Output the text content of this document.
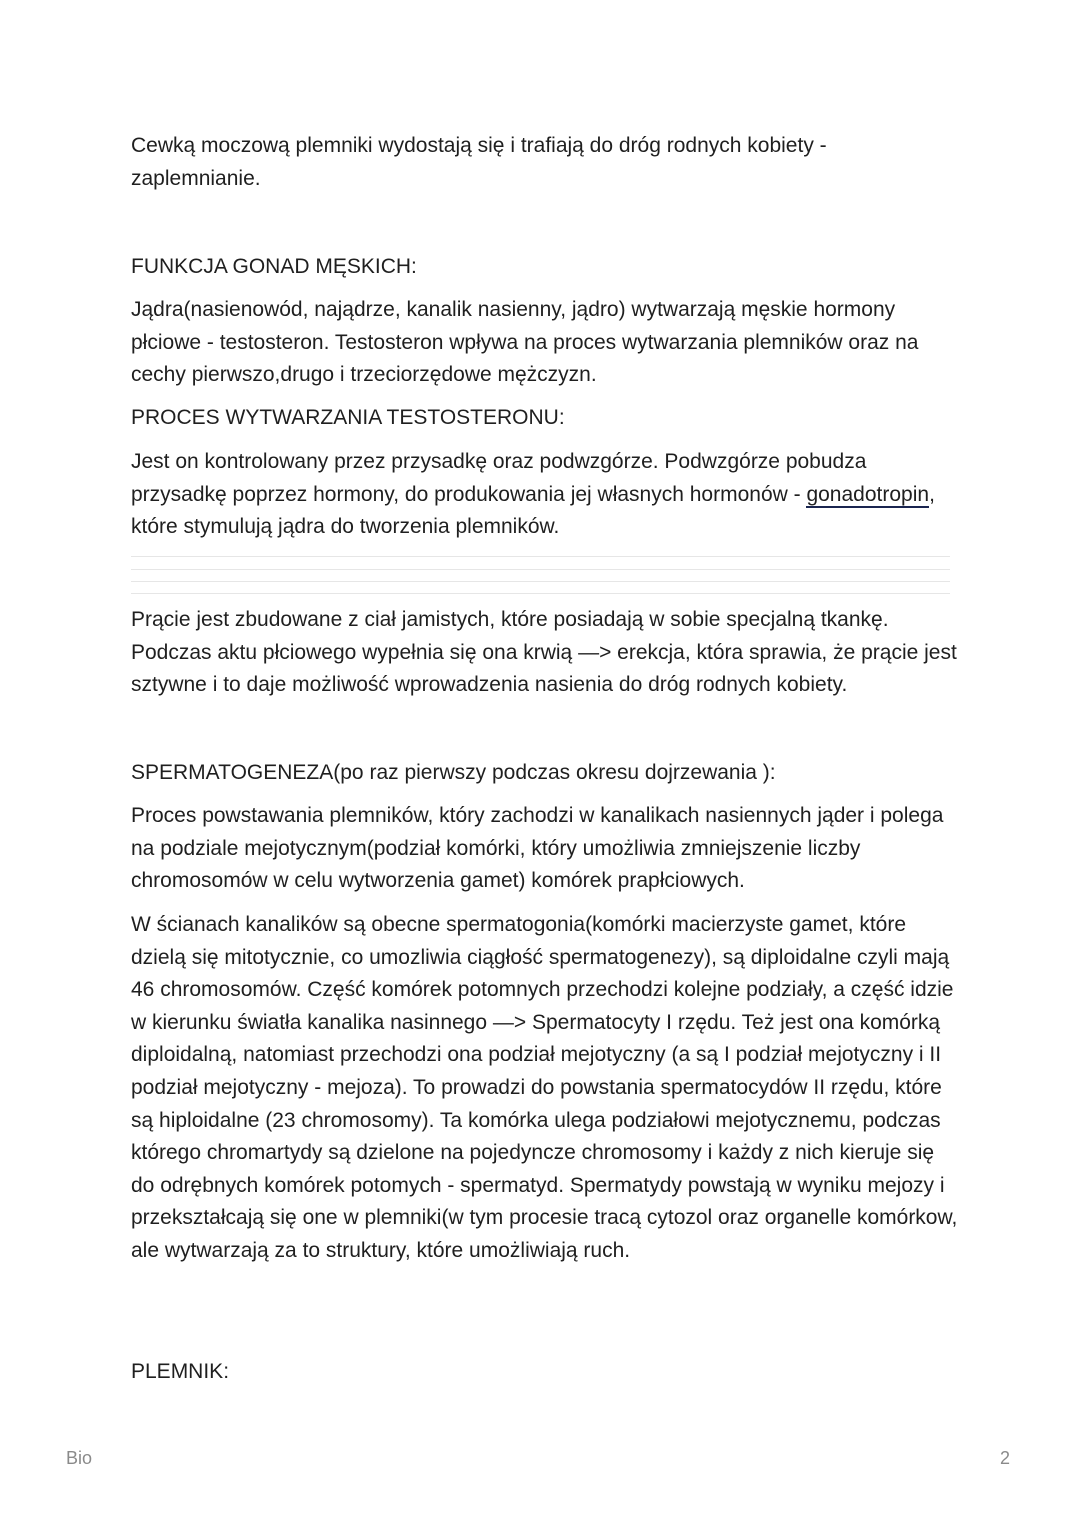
Cewką moczową plemniki wydostają się i trafiają do dróg rodnych kobiety - zaplemnianie.

FUNKCJA GONAD MĘSKICH:

Jądra(nasienowód, najądrze, kanalik nasienny, jądro) wytwarzają męskie hormony płciowe - testosteron. Testosteron wpływa na proces wytwarzania plemników oraz na cechy pierwszo,drugo i trzeciorzędowe mężczyzn.

PROCES WYTWARZANIA TESTOSTERONU:

Jest on kontrolowany przez przysadkę oraz podwzgórze. Podwzgórze pobudza przysadkę poprzez hormony, do produkowania jej własnych hormonów - gonadotropin, które stymulują jądra do tworzenia plemników.

Prącie jest zbudowane z ciał jamistych, które posiadają w sobie specjalną tkankę. Podczas aktu płciowego wypełnia się ona krwią —> erekcja, która sprawia, że prącie jest sztywne i to daje możliwość wprowadzenia nasienia do dróg rodnych kobiety.

SPERMATOGENEZA(po raz pierwszy podczas okresu dojrzewania ):

Proces powstawania plemników, który zachodzi w kanalikach nasiennych jąder i polega na podziale mejotycznym(podział komórki, który umożliwia zmniejszenie liczby chromosomów w celu wytworzenia gamet) komórek prapłciowych.

W ścianach kanalików są obecne spermatogonia(komórki macierzyste gamet, które dzielą się mitotycznie, co umozliwia ciągłość spermatogenezy), są diploidalne czyli mają 46 chromosomów. Część komórek potomnych przechodzi kolejne podziały, a część idzie w kierunku światła kanalika nasinnego —> Spermatocyty I rzędu. Też jest ona komórką diploidalną, natomiast przechodzi ona podział mejotyczny (a są I podział mejotyczny i II podział mejotyczny - mejoza). To prowadzi do powstania spermatocydów II rzędu, które są hiploidalne (23 chromosomy). Ta komórka ulega podziałowi mejotycznemu, podczas którego chromartydy są dzielone na pojedyncze chromosomy i każdy z nich kieruje się do odrębnych komórek potomych - spermatyd. Spermatydy powstają w wyniku mejozy i przekształcają się one w plemniki(w tym procesie tracą cytozol oraz organelle komórkow, ale wytwarzają za to struktury, które umożliwiają ruch.

PLEMNIK:

Bio	2
